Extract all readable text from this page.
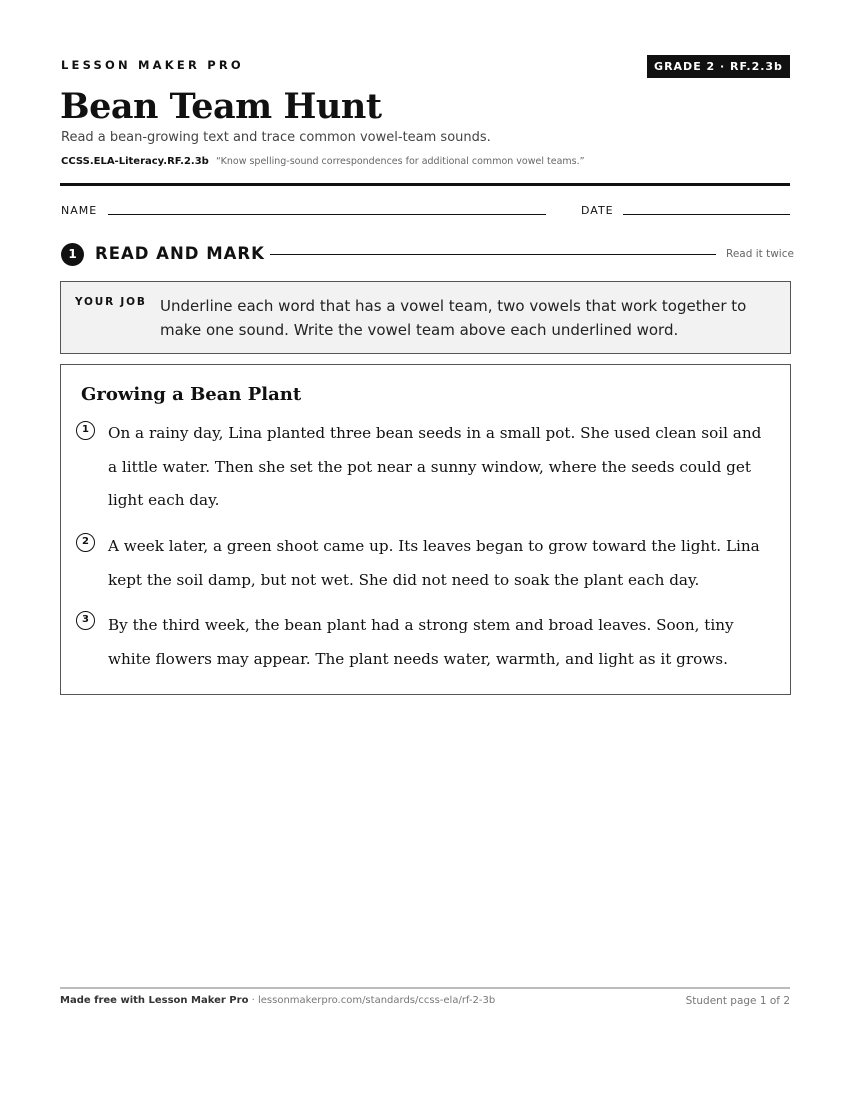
LESSON MAKER PRO	GRADE 2 · RF.2.3b
Bean Team Hunt
Read a bean-growing text and trace common vowel-team sounds.
CCSS.ELA-Literacy.RF.2.3b “Know spelling-sound correspondences for additional common vowel teams.”
NAME	DATE
1	READ AND MARK	Read it twice
YOUR JOB Underline each word that has a vowel team, two vowels that work together to make one sound. Write the vowel team above each underlined word.
Growing a Bean Plant
1	On a rainy day, Lina planted three bean seeds in a small pot. She used clean soil and a little water. Then she set the pot near a sunny window, where the seeds could get light each day.

2	A week later, a green shoot came up. Its leaves began to grow toward the light. Lina kept the soil damp, but not wet. She did not need to soak the plant each day.

3	By the third week, the bean plant had a strong stem and broad leaves. Soon, tiny white flowers may appear. The plant needs water, warmth, and light as it grows.

Made free with Lesson Maker Pro · lessonmakerpro.com/standards/ccss-ela/rf-2-3b	Student page 1 of 2
